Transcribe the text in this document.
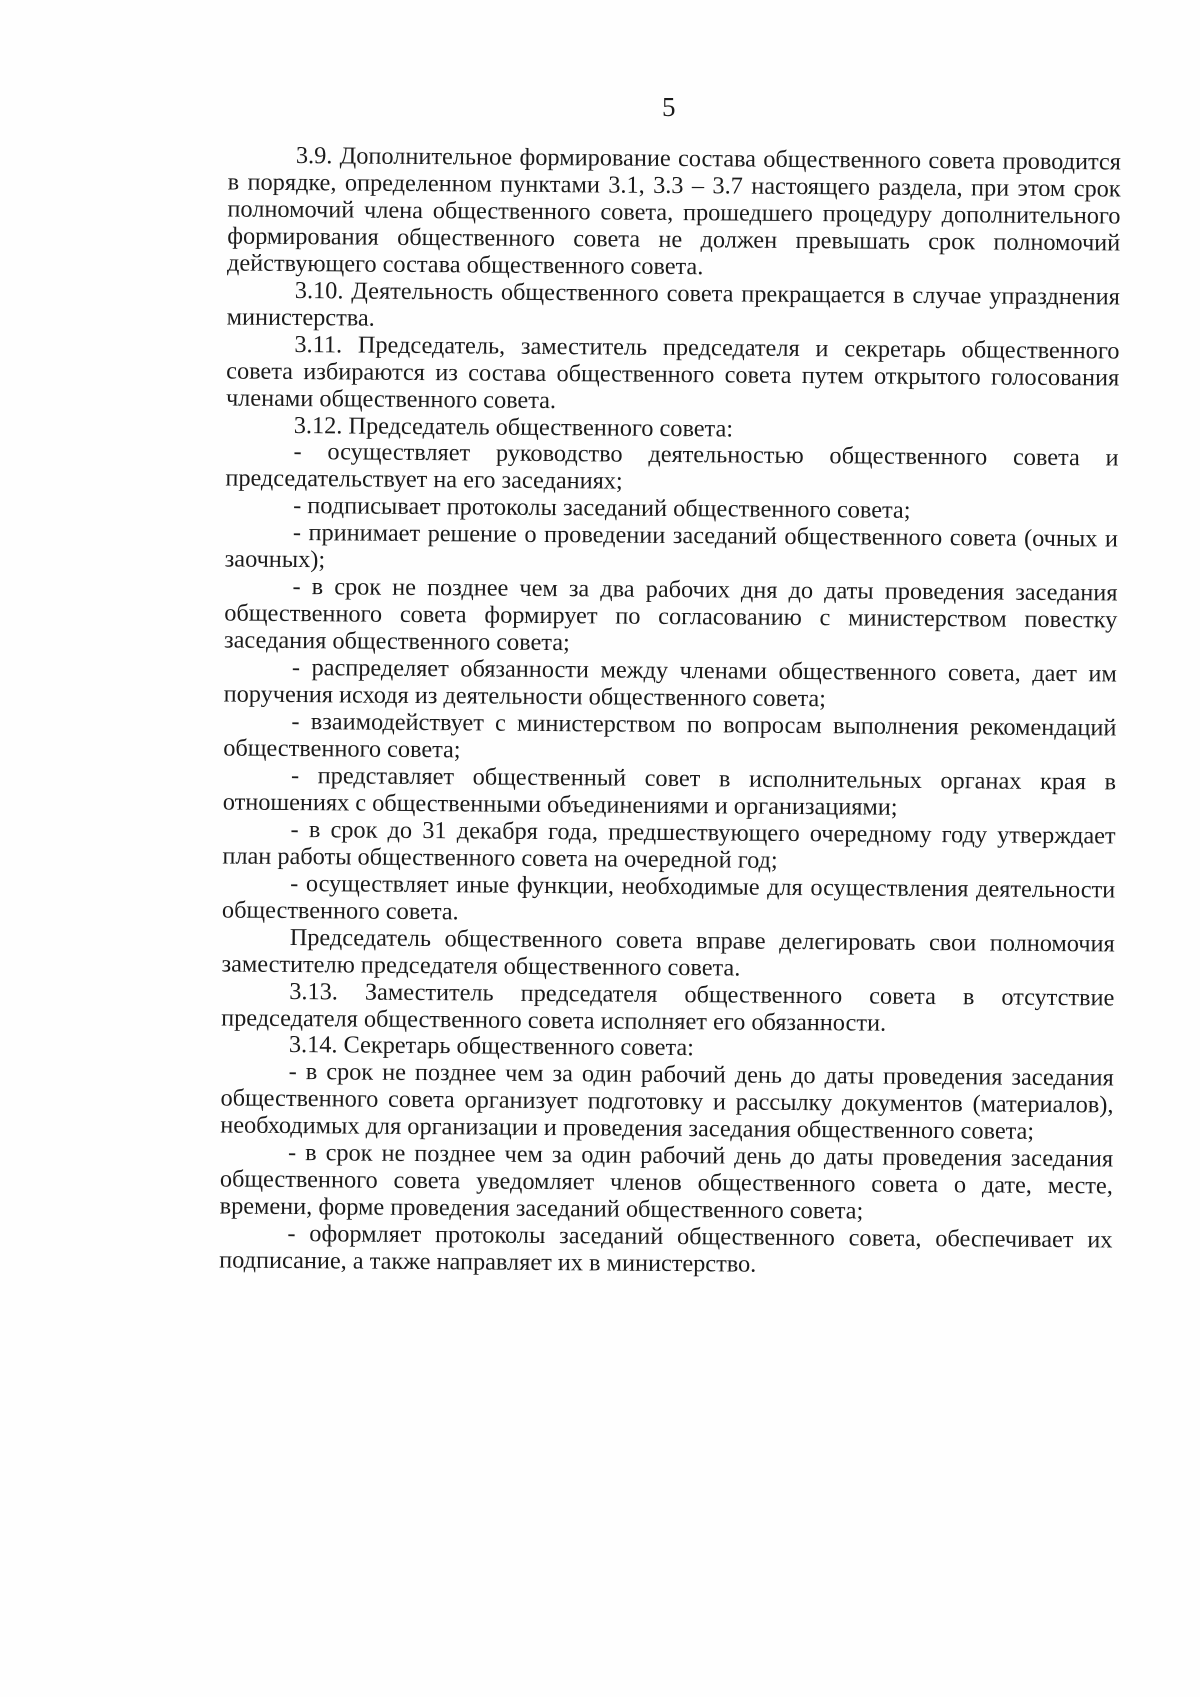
5

3.9. Дополнительное формирование состава общественного совета проводится в порядке, определенном пунктами 3.1, 3.3 – 3.7 настоящего раздела, при этом срок полномочий члена общественного совета, прошедшего процедуру дополнительного формирования общественного совета не должен превышать срок полномочий действующего состава общественного совета.

3.10. Деятельность общественного совета прекращается в случае упразднения министерства.

3.11. Председатель, заместитель председателя и секретарь общественного совета избираются из состава общественного совета путем открытого голосования членами общественного совета.

3.12. Председатель общественного совета:

- осуществляет руководство деятельностью общественного совета и председательствует на его заседаниях;

- подписывает протоколы заседаний общественного совета;

- принимает решение о проведении заседаний общественного совета (очных и заочных);

- в срок не позднее чем за два рабочих дня до даты проведения заседания общественного совета формирует по согласованию с министерством повестку заседания общественного совета;

- распределяет обязанности между членами общественного совета, дает им поручения исходя из деятельности общественного совета;

- взаимодействует с министерством по вопросам выполнения рекомендаций общественного совета;

- представляет общественный совет в исполнительных органах края в отношениях с общественными объединениями и организациями;

- в срок до 31 декабря года, предшествующего очередному году утверждает план работы общественного совета на очередной год;

- осуществляет иные функции, необходимые для осуществления деятельности общественного совета.

Председатель общественного совета вправе делегировать свои полномочия заместителю председателя общественного совета.

3.13. Заместитель председателя общественного совета в отсутствие председателя общественного совета исполняет его обязанности.

3.14. Секретарь общественного совета:

- в срок не позднее чем за один рабочий день до даты проведения заседания общественного совета организует подготовку и рассылку документов (материалов), необходимых для организации и проведения заседания общественного совета;

- в срок не позднее чем за один рабочий день до даты проведения заседания общественного совета уведомляет членов общественного совета о дате, месте, времени, форме проведения заседаний общественного совета;

- оформляет протоколы заседаний общественного совета, обеспечивает их подписание, а также направляет их в министерство.
